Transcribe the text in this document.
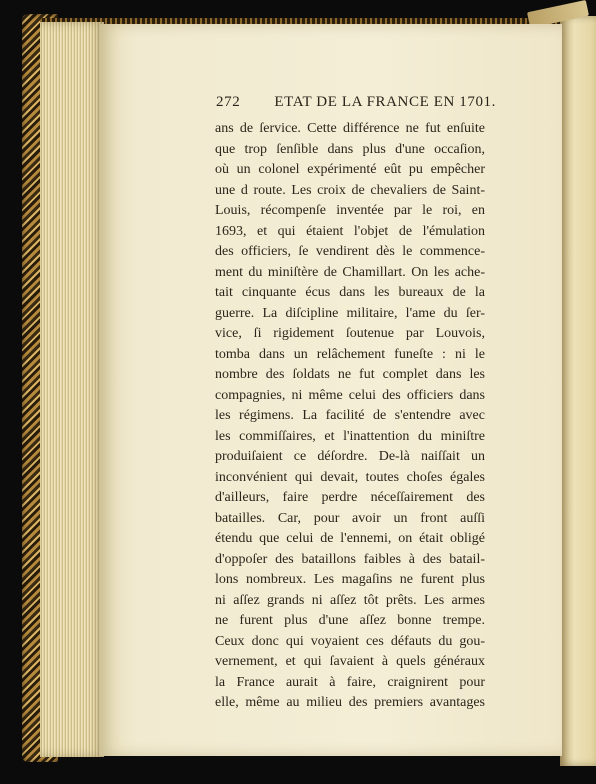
272 ETAT DE LA FRANCE EN 1701.
ans de ſervice. Cette différence ne fut enſuite
que trop ſenſible dans plus d'une occaſion,
où un colonel expérimenté eût pu empêcher
une d route. Les croix de chevaliers de Saint-
Louis, récompenſe inventée par le roi, en
1693, et qui étaient l'objet de l'émulation
des officiers, ſe vendirent dès le commence-
ment du miniſtère de Chamillart. On les ache-
tait cinquante écus dans les bureaux de la
guerre. La diſcipline militaire, l'ame du ſer-
vice, ſi rigidement ſoutenue par Louvois,
tomba dans un relâchement funeſte : ni le
nombre des ſoldats ne fut complet dans les
compagnies, ni même celui des officiers dans
les régimens. La facilité de s'entendre avec
les commiſſaires, et l'inattention du miniſtre
produiſaient ce déſordre. De-là naiſſait un
inconvénient qui devait, toutes choſes égales
d'ailleurs, faire perdre néceſſairement des
batailles. Car, pour avoir un front auſſi
étendu que celui de l'ennemi, on était obligé
d'oppoſer des bataillons faibles à des batail-
lons nombreux. Les magaſins ne furent plus
ni aſſez grands ni aſſez tôt prêts. Les armes
ne furent plus d'une aſſez bonne trempe.
Ceux donc qui voyaient ces défauts du gou-
vernement, et qui ſavaient à quels généraux
la France aurait à faire, craignirent pour
elle, même au milieu des premiers avantages
